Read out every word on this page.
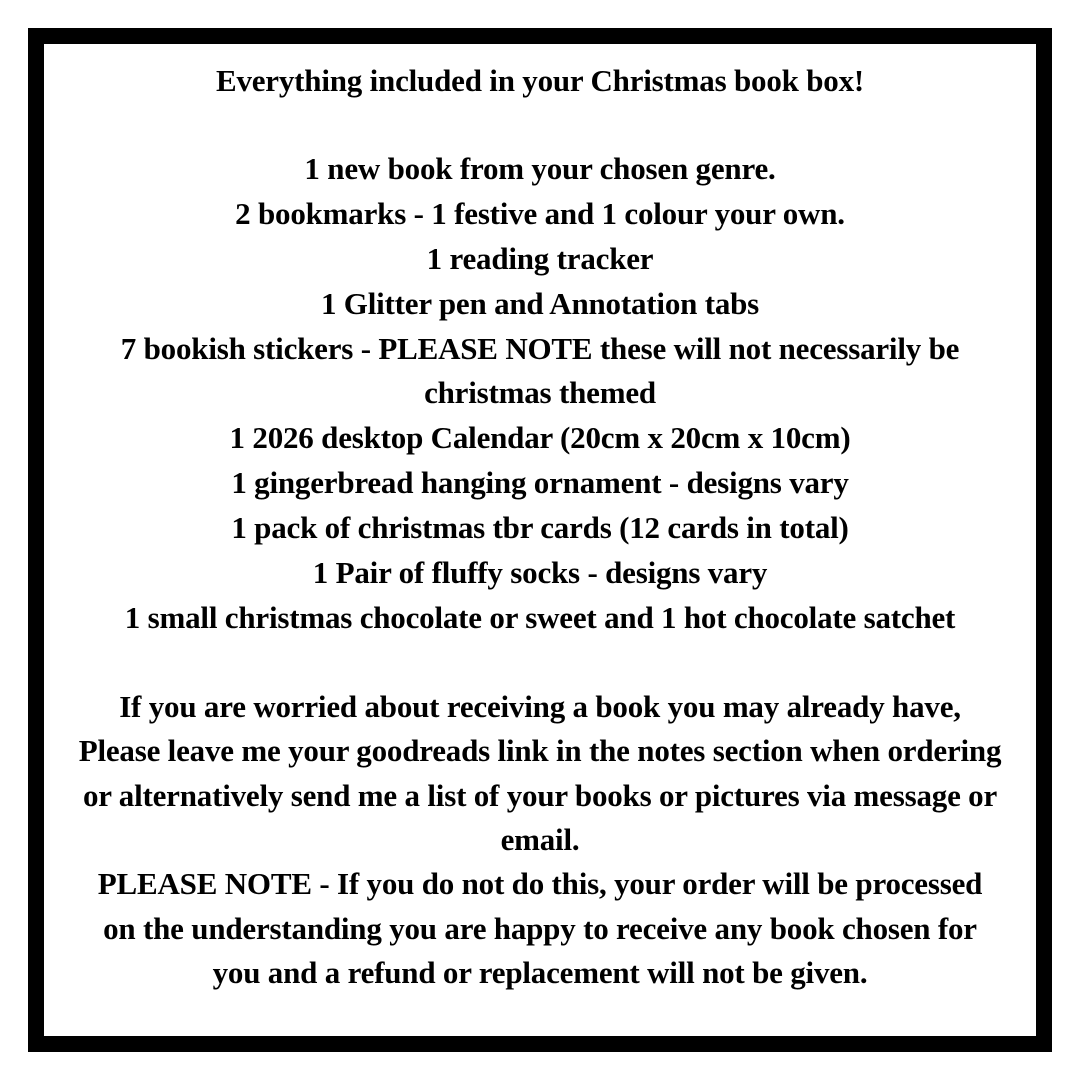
Everything included in your Christmas book box!
1 new book from your chosen genre.
2 bookmarks - 1 festive and 1 colour your own.
1 reading tracker
1 Glitter pen and Annotation tabs
7 bookish stickers - PLEASE NOTE these will not necessarily be christmas themed
1 2026 desktop Calendar (20cm x 20cm x 10cm)
1 gingerbread hanging ornament - designs vary
1 pack of christmas tbr cards (12 cards in total)
1 Pair of fluffy socks - designs vary
1 small christmas chocolate or sweet and 1 hot chocolate satchet
If you are worried about receiving a book you may already have, Please leave me your goodreads link in the notes section when ordering or alternatively send me a list of your books or pictures via message or email.
PLEASE NOTE - If you do not do this, your order will be processed on the understanding you are happy to receive any book chosen for you and a refund or replacement will not be given.
